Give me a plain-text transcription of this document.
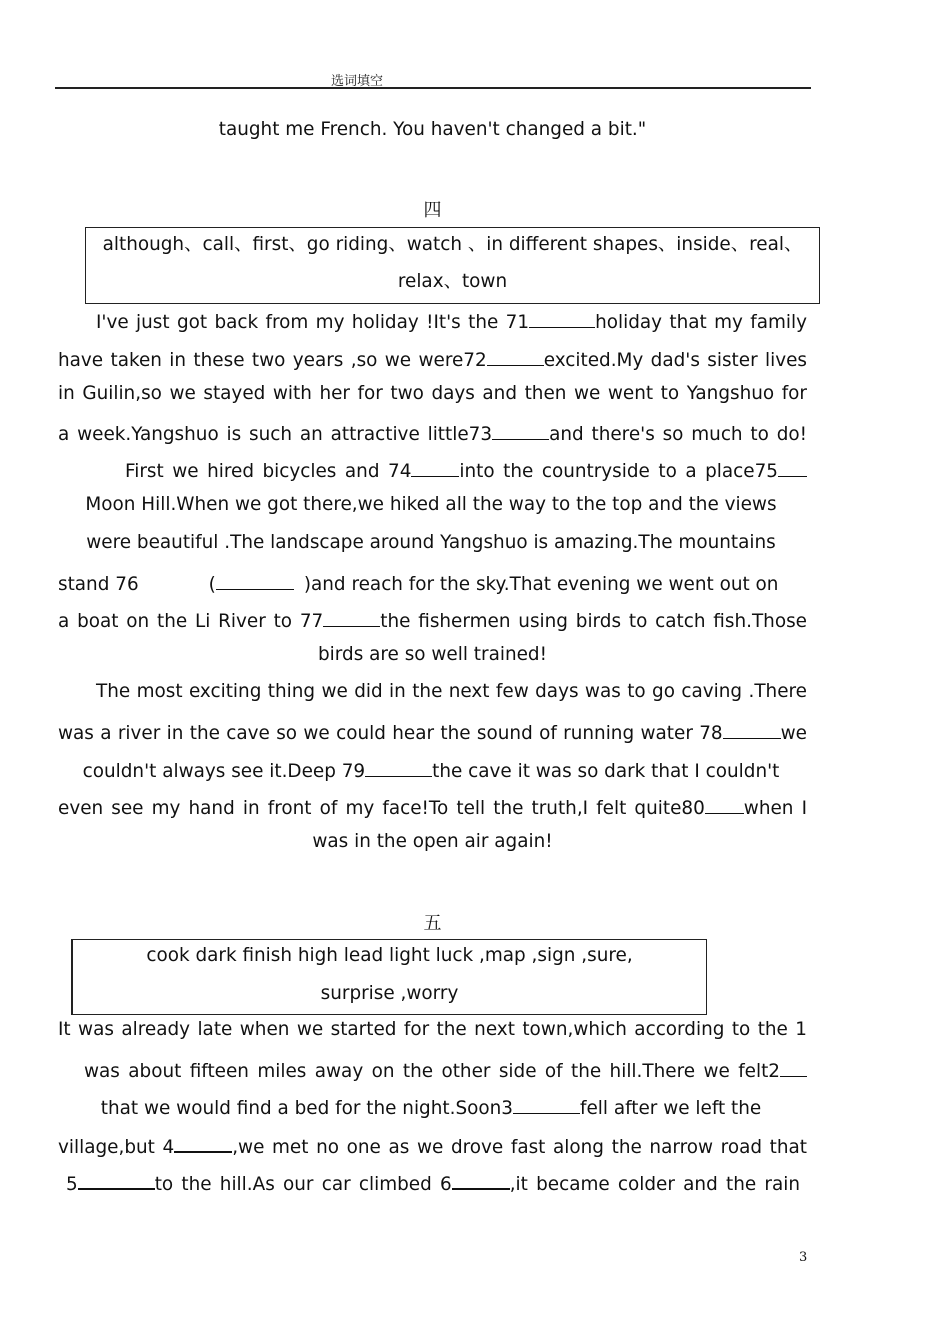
选词填空
taught me French. You haven't changed a bit."
四
although、call、first、go riding、watch 、in different shapes、inside、real、
relax、town
I've just got back from my holiday !It's the 71	holiday that my family
have taken in these two years ,so we were72	excited.My dad's sister lives
in Guilin,so we stayed with her for two days and then we went to Yangshuo for
a week.Yangshuo is such an attractive little73	and there's so much to do!
First we hired bicycles and 74	into the countryside to a place75
Moon Hill.When we got there,we hiked all the way to the top and the views
were beautiful .The landscape around Yangshuo is amazing.The mountains
stand 76	(	)and reach for the sky.That evening we went out on
a boat on the Li River to 77	the fishermen using birds to catch fish.Those
birds are so well trained!
The most exciting thing we did in the next few days was to go caving .There
was a river in the cave so we could hear the sound of running water 78	we
couldn't always see it.Deep 79	the cave it was so dark that I couldn't
even see my hand in front of my face!To tell the truth,I felt quite80 when I
was in the open air again!
五
cook dark finish high lead light luck ,map ,sign ,sure,
surprise ,worry
It was already late when we started for the next town,which according to the 1
was about fifteen miles away on the other side of the hill.There we felt2
that we would find a bed for the night.Soon3	fell after we left the
village,but 4	,we met no one as we drove fast along the narrow road that
5	to the hill.As our car climbed 6	,it became colder and the rain
3
